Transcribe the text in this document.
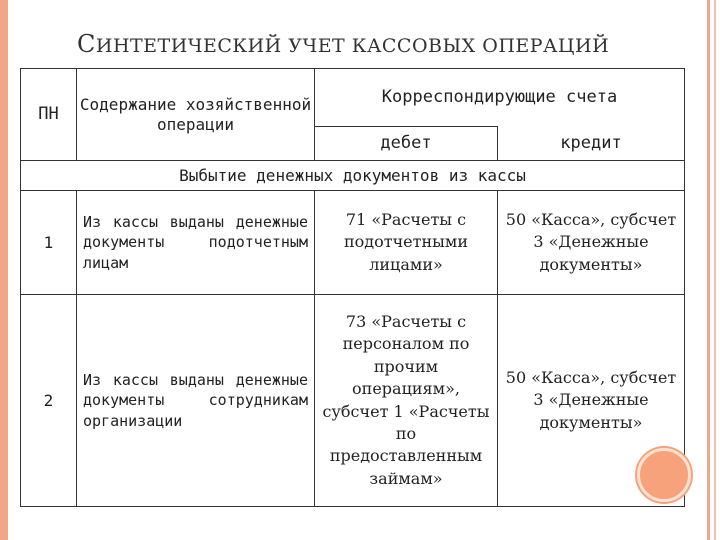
СИНТЕТИЧЕСКИЙ УЧЕТ КАССОВЫХ ОПЕРАЦИЙ
ПН	Содержание хозяйственной операции	Корреспондирующие счета	
		дебет	кредит
Выбытие денежных документов из кассы			
1	Из кассы выданы денежные документы подотчетным лицам	71 «Расчеты с подотчетными лицами»	50 «Касса», субсчет 3 «Денежные документы»
2	Из кассы выданы денежные документы сотрудникам организации	73 «Расчеты с персоналом по прочим операциям», субсчет 1 «Расчеты по предоставленным займам»	50 «Касса», субсчет 3 «Денежные документы»
